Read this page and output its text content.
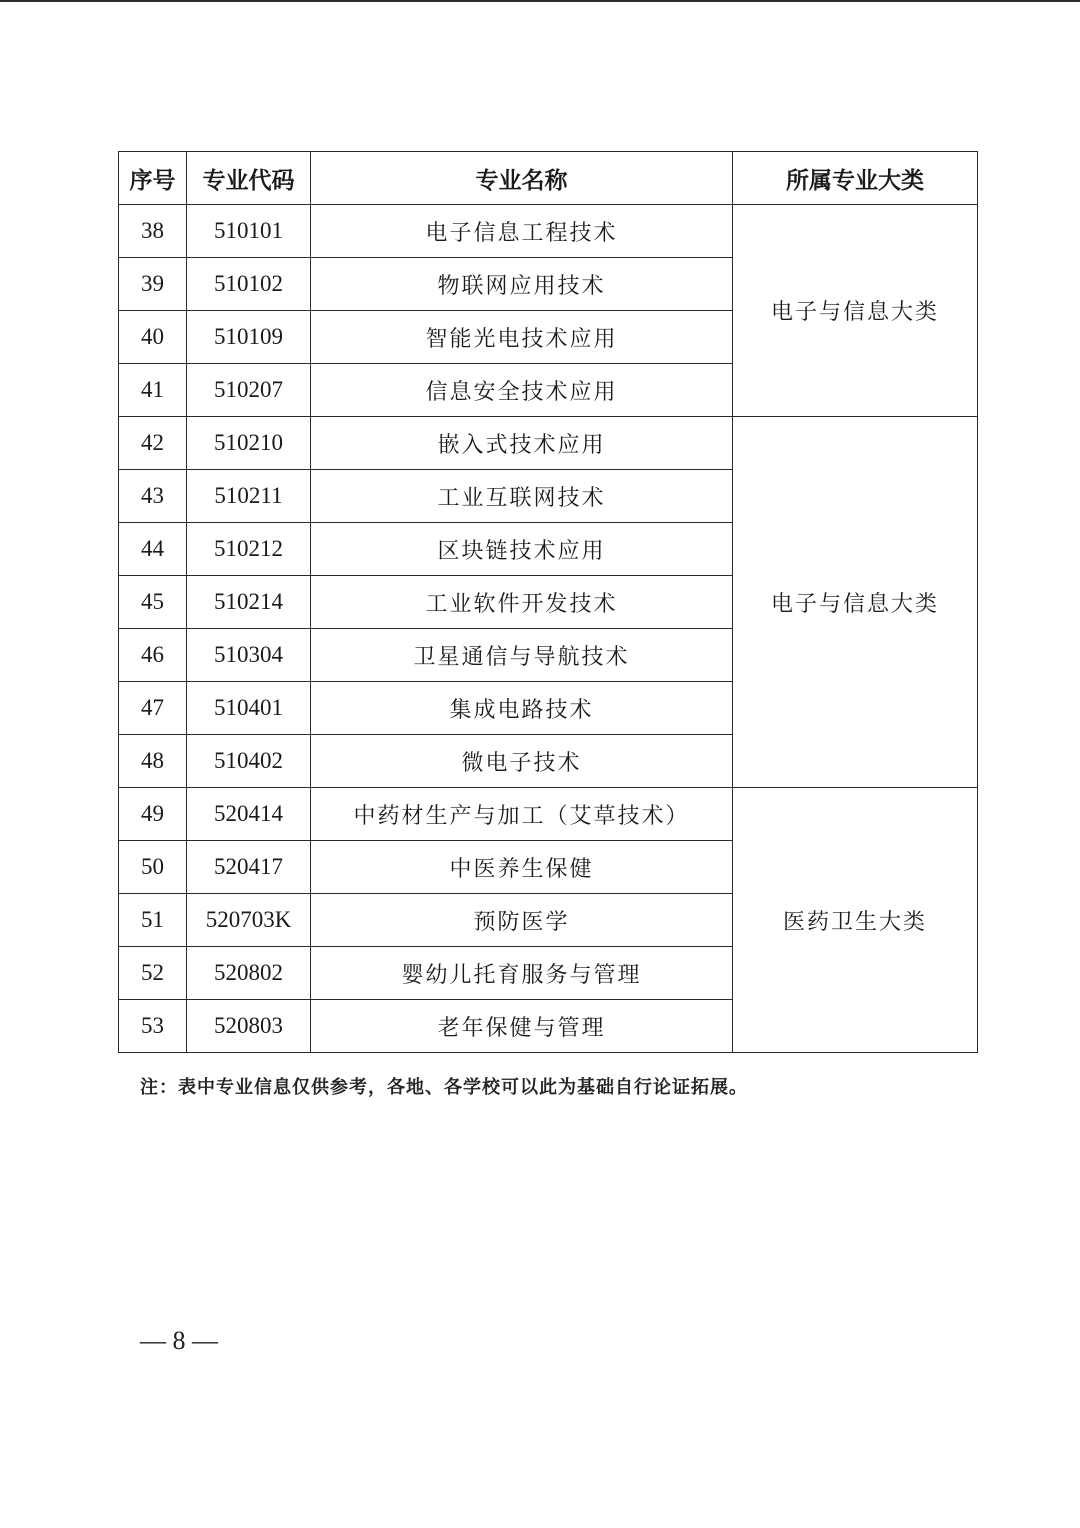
序号	专业代码	专业名称	所属专业大类
38	510101	电子信息工程技术	电子与信息大类
39	510102	物联网应用技术	
40	510109	智能光电技术应用	
41	510207	信息安全技术应用	
42	510210	嵌入式技术应用	电子与信息大类
43	510211	工业互联网技术	
44	510212	区块链技术应用	
45	510214	工业软件开发技术	
46	510304	卫星通信与导航技术	
47	510401	集成电路技术	
48	510402	微电子技术	
49	520414	中药材生产与加工（艾草技术）	医药卫生大类
50	520417	中医养生保健	
51	520703K	预防医学	
52	520802	婴幼儿托育服务与管理	
53	520803	老年保健与管理	
注：表中专业信息仅供参考，各地、各学校可以此为基础自行论证拓展。
— 8 —
